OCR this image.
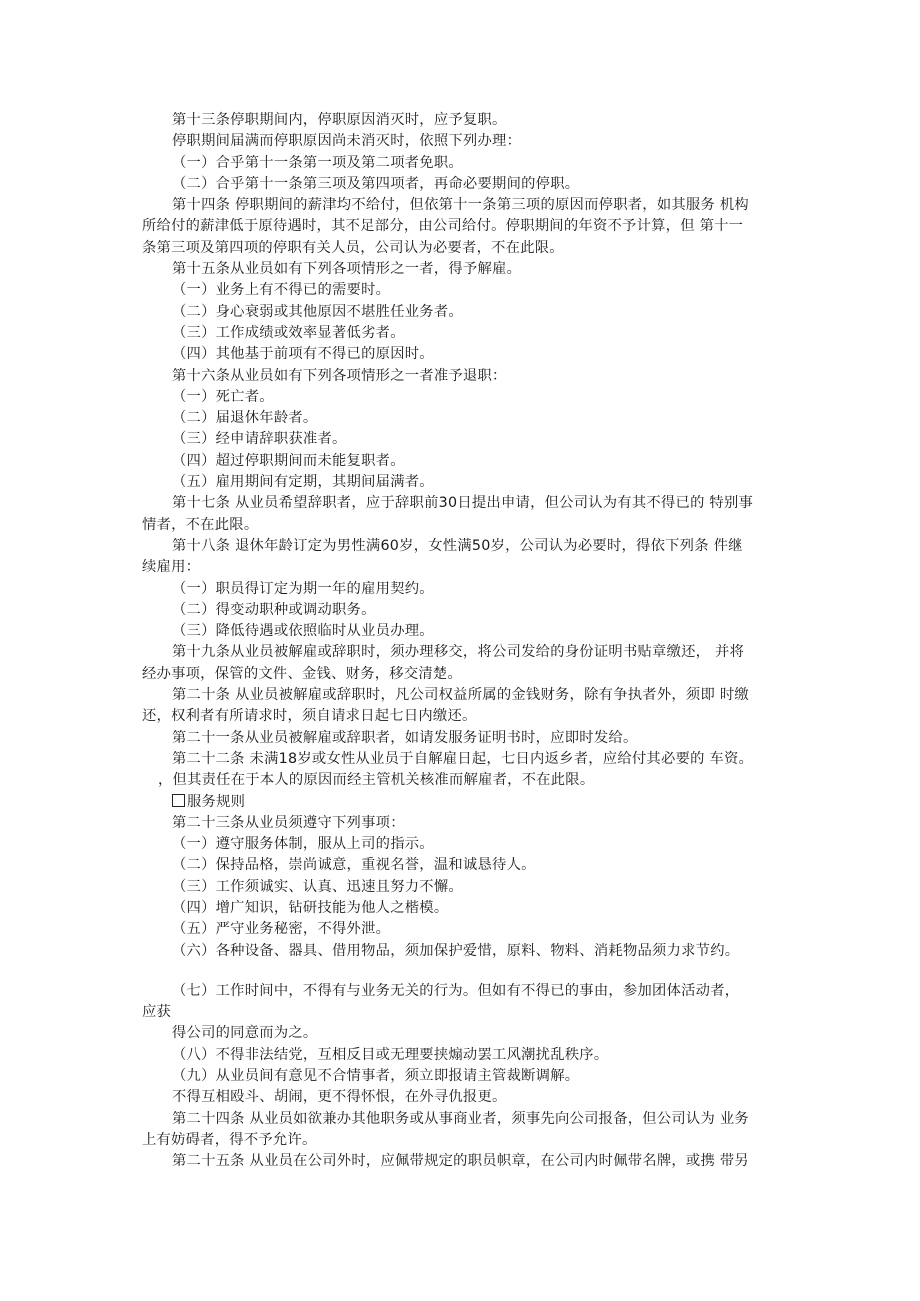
第十三条停职期间内，停职原因消灭时，应予复职。
停职期间届满而停职原因尚未消灭时，依照下列办理：
（一）合乎第十一条第一项及第二项者免职。
（二）合乎第十一条第三项及第四项者，再命必要期间的停职。
第十四条 停职期间的薪津均不给付，但依第十一条第三项的原因而停职者，如其服务 机构
所给付的薪津低于原待遇时，其不足部分，由公司给付。停职期间的年资不予计算，但 第十一
条第三项及第四项的停职有关人员，公司认为必要者，不在此限。
第十五条从业员如有下列各项情形之一者，得予解雇。
（一）业务上有不得已的需要时。
（二）身心衰弱或其他原因不堪胜任业务者。
（三）工作成绩或效率显著低劣者。
（四）其他基于前项有不得已的原因时。
第十六条从业员如有下列各项情形之一者准予退职：
（一）死亡者。
（二）届退休年龄者。
（三）经申请辞职获准者。
（四）超过停职期间而未能复职者。
（五）雇用期间有定期，其期间届满者。
第十七条 从业员希望辞职者，应于辞职前30日提出申请，但公司认为有其不得已的 特别事
情者，不在此限。
第十八条 退休年龄订定为男性满60岁，女性满50岁，公司认为必要时，得依下列条 件继
续雇用：
（一）职员得订定为期一年的雇用契约。
（二）得变动职种或调动职务。
（三）降低待遇或依照临时从业员办理。
第十九条从业员被解雇或辞职时，须办理移交，将公司发给的身份证明书贴章缴还， 并将
经办事项，保管的文件、金钱、财务，移交清楚。
第二十条 从业员被解雇或辞职时，凡公司权益所属的金钱财务，除有争执者外，须即 时缴
还，权利者有所请求时，须自请求日起七日内缴还。
第二十一条从业员被解雇或辞职者，如请发服务证明书时，应即时发给。
第二十二条 未满18岁或女性从业员于自解雇日起，七日内返乡者，应给付其必要的 车资。
，但其责任在于本人的原因而经主管机关核准而解雇者，不在此限。
服务规则
第二十三条从业员须遵守下列事项：
（一）遵守服务体制，服从上司的指示。
（二）保持品格，崇尚诚意，重视名誉，温和诚恳待人。
（三）工作须诚实、认真、迅速且努力不懈。
（四）增广知识，钻研技能为他人之楷模。
（五）严守业务秘密，不得外泄。
（六）各种设备、器具、借用物品，须加保护爱惜，原料、物料、消耗物品须力求节约。
（七）工作时间中，不得有与业务无关的行为。但如有不得已的事由，参加团体活动者，
应获
得公司的同意而为之。
（八）不得非法结党，互相反目或无理要挟煽动罢工风潮扰乱秩序。
（九）从业员间有意见不合情事者，须立即报请主管裁断调解。
不得互相殴斗、胡闹，更不得怀恨，在外寻仇报更。
第二十四条 从业员如欲兼办其他职务或从事商业者，须事先向公司报备，但公司认为 业务
上有妨碍者，得不予允许。
第二十五条 从业员在公司外时，应佩带规定的职员帜章，在公司内时佩带名牌，或携 带另
